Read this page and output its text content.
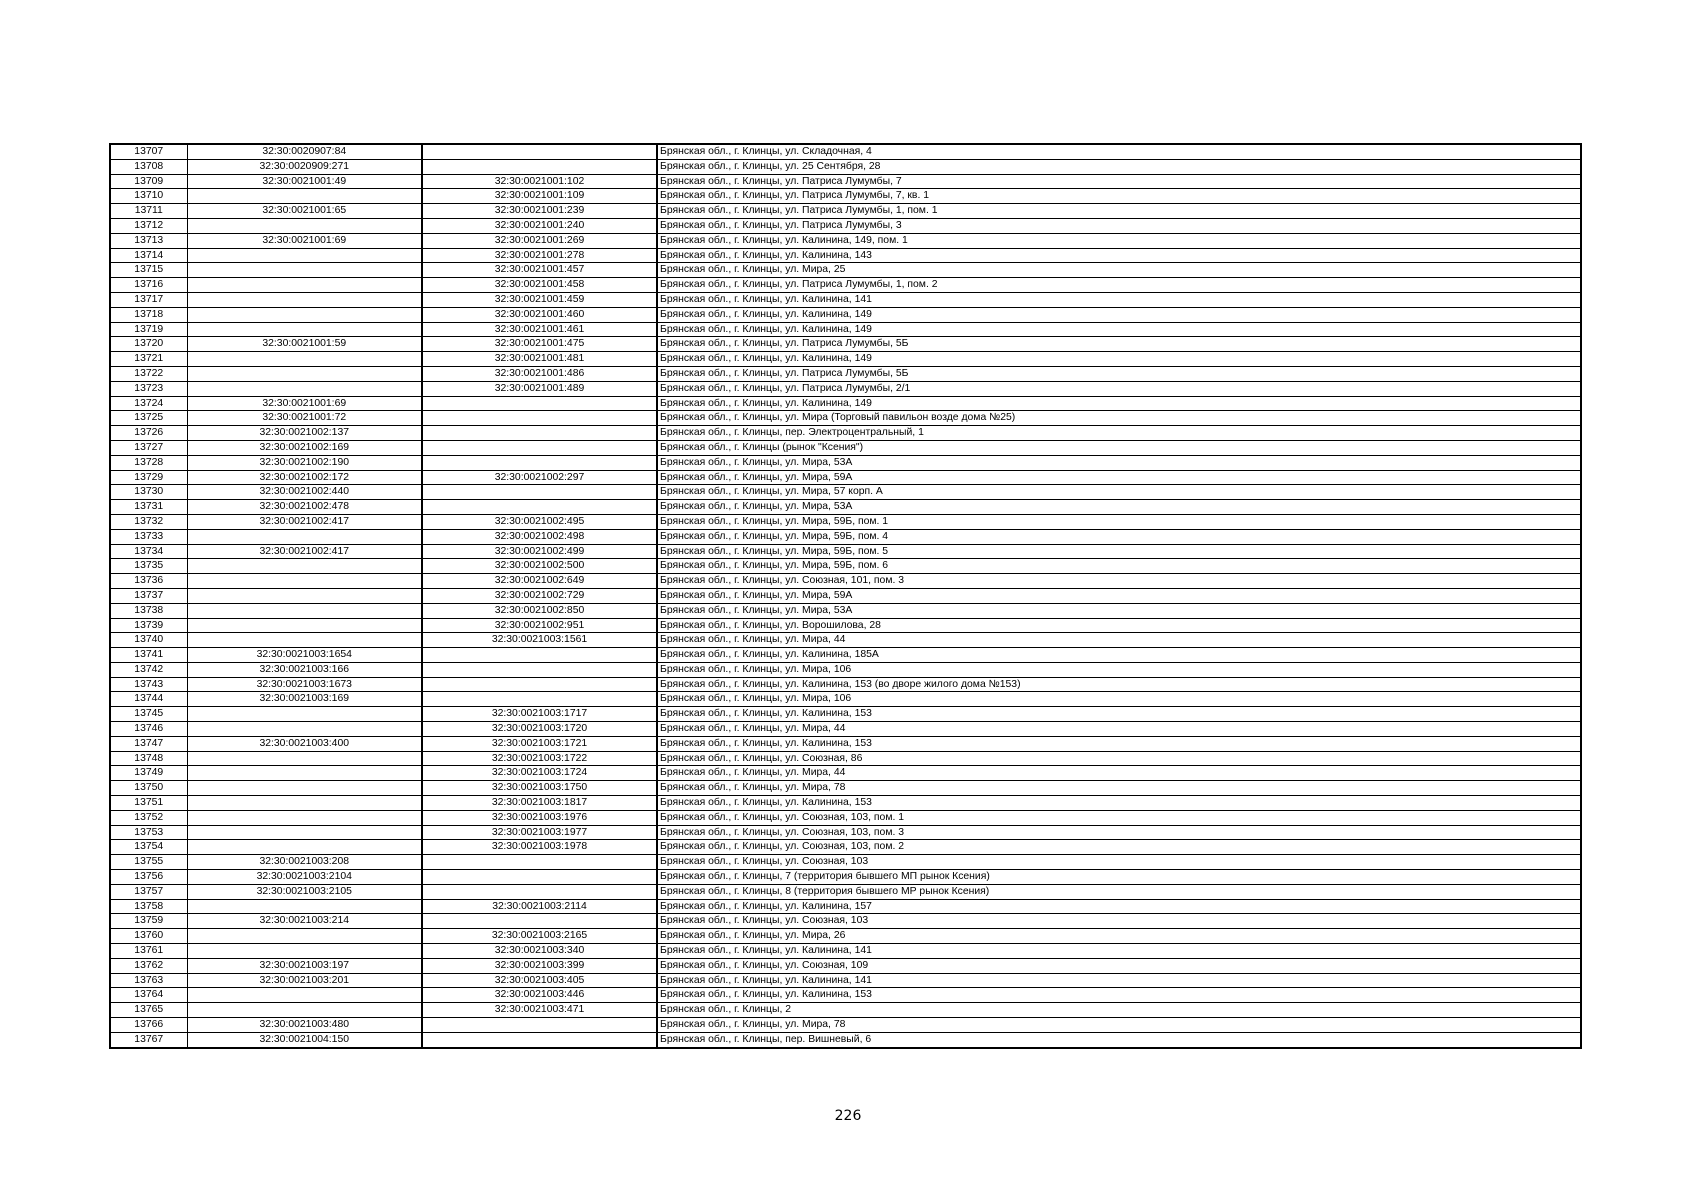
13707	32:30:0020907:84		Брянская обл., г. Клинцы, ул. Складочная, 4
13708	32:30:0020909:271		Брянская обл., г. Клинцы, ул. 25 Сентября, 28
13709	32:30:0021001:49	32:30:0021001:102	Брянская обл., г. Клинцы, ул. Патриса Лумумбы, 7
13710		32:30:0021001:109	Брянская обл., г. Клинцы, ул. Патриса Лумумбы, 7, кв. 1
13711	32:30:0021001:65	32:30:0021001:239	Брянская обл., г. Клинцы, ул. Патриса Лумумбы, 1, пом. 1
13712		32:30:0021001:240	Брянская обл., г. Клинцы, ул. Патриса Лумумбы, 3
13713	32:30:0021001:69	32:30:0021001:269	Брянская обл., г. Клинцы, ул. Калинина, 149, пом. 1
13714		32:30:0021001:278	Брянская обл., г. Клинцы, ул. Калинина, 143
13715		32:30:0021001:457	Брянская обл., г. Клинцы, ул. Мира, 25
13716		32:30:0021001:458	Брянская обл., г. Клинцы, ул. Патриса Лумумбы, 1, пом. 2
13717		32:30:0021001:459	Брянская обл., г. Клинцы, ул. Калинина, 141
13718		32:30:0021001:460	Брянская обл., г. Клинцы, ул. Калинина, 149
13719		32:30:0021001:461	Брянская обл., г. Клинцы, ул. Калинина, 149
13720	32:30:0021001:59	32:30:0021001:475	Брянская обл., г. Клинцы, ул. Патриса Лумумбы, 5Б
13721		32:30:0021001:481	Брянская обл., г. Клинцы, ул. Калинина, 149
13722		32:30:0021001:486	Брянская обл., г. Клинцы, ул. Патриса Лумумбы, 5Б
13723		32:30:0021001:489	Брянская обл., г. Клинцы, ул. Патриса Лумумбы, 2/1
13724	32:30:0021001:69		Брянская обл., г. Клинцы, ул. Калинина, 149
13725	32:30:0021001:72		Брянская обл., г. Клинцы, ул. Мира (Торговый павильон возде дома №25)
13726	32:30:0021002:137		Брянская обл., г. Клинцы, пер. Электроцентральный, 1
13727	32:30:0021002:169		Брянская обл., г. Клинцы (рынок "Ксения")
13728	32:30:0021002:190		Брянская обл., г. Клинцы, ул. Мира, 53А
13729	32:30:0021002:172	32:30:0021002:297	Брянская обл., г. Клинцы, ул. Мира, 59А
13730	32:30:0021002:440		Брянская обл., г. Клинцы, ул. Мира, 57 корп. А
13731	32:30:0021002:478		Брянская обл., г. Клинцы, ул. Мира, 53А
13732	32:30:0021002:417	32:30:0021002:495	Брянская обл., г. Клинцы, ул. Мира, 59Б, пом. 1
13733		32:30:0021002:498	Брянская обл., г. Клинцы, ул. Мира, 59Б, пом. 4
13734	32:30:0021002:417	32:30:0021002:499	Брянская обл., г. Клинцы, ул. Мира, 59Б, пом. 5
13735		32:30:0021002:500	Брянская обл., г. Клинцы, ул. Мира, 59Б, пом. 6
13736		32:30:0021002:649	Брянская обл., г. Клинцы, ул. Союзная, 101, пом. 3
13737		32:30:0021002:729	Брянская обл., г. Клинцы, ул. Мира, 59А
13738		32:30:0021002:850	Брянская обл., г. Клинцы, ул. Мира, 53А
13739		32:30:0021002:951	Брянская обл., г. Клинцы, ул. Ворошилова, 28
13740		32:30:0021003:1561	Брянская обл., г. Клинцы, ул. Мира, 44
13741	32:30:0021003:1654		Брянская обл., г. Клинцы, ул. Калинина, 185А
13742	32:30:0021003:166		Брянская обл., г. Клинцы, ул. Мира, 106
13743	32:30:0021003:1673		Брянская обл., г. Клинцы, ул. Калинина, 153 (во дворе жилого дома №153)
13744	32:30:0021003:169		Брянская обл., г. Клинцы, ул. Мира, 106
13745		32:30:0021003:1717	Брянская обл., г. Клинцы, ул. Калинина, 153
13746		32:30:0021003:1720	Брянская обл., г. Клинцы, ул. Мира, 44
13747	32:30:0021003:400	32:30:0021003:1721	Брянская обл., г. Клинцы, ул. Калинина, 153
13748		32:30:0021003:1722	Брянская обл., г. Клинцы, ул. Союзная, 86
13749		32:30:0021003:1724	Брянская обл., г. Клинцы, ул. Мира, 44
13750		32:30:0021003:1750	Брянская обл., г. Клинцы, ул. Мира, 78
13751		32:30:0021003:1817	Брянская обл., г. Клинцы, ул. Калинина, 153
13752		32:30:0021003:1976	Брянская обл., г. Клинцы, ул. Союзная, 103, пом. 1
13753		32:30:0021003:1977	Брянская обл., г. Клинцы, ул. Союзная, 103, пом. 3
13754		32:30:0021003:1978	Брянская обл., г. Клинцы, ул. Союзная, 103, пом. 2
13755	32:30:0021003:208		Брянская обл., г. Клинцы, ул. Союзная, 103
13756	32:30:0021003:2104		Брянская обл., г. Клинцы, 7 (территория бывшего МП рынок Ксения)
13757	32:30:0021003:2105		Брянская обл., г. Клинцы, 8 (территория бывшего МР рынок Ксения)
13758		32:30:0021003:2114	Брянская обл., г. Клинцы, ул. Калинина, 157
13759	32:30:0021003:214		Брянская обл., г. Клинцы, ул. Союзная, 103
13760		32:30:0021003:2165	Брянская обл., г. Клинцы, ул. Мира, 26
13761		32:30:0021003:340	Брянская обл., г. Клинцы, ул. Калинина, 141
13762	32:30:0021003:197	32:30:0021003:399	Брянская обл., г. Клинцы, ул. Союзная, 109
13763	32:30:0021003:201	32:30:0021003:405	Брянская обл., г. Клинцы, ул. Калинина, 141
13764		32:30:0021003:446	Брянская обл., г. Клинцы, ул. Калинина, 153
13765		32:30:0021003:471	Брянская обл., г. Клинцы, 2
13766	32:30:0021003:480		Брянская обл., г. Клинцы, ул. Мира, 78
13767	32:30:0021004:150		Брянская обл., г. Клинцы, пер. Вишневый, 6
226
